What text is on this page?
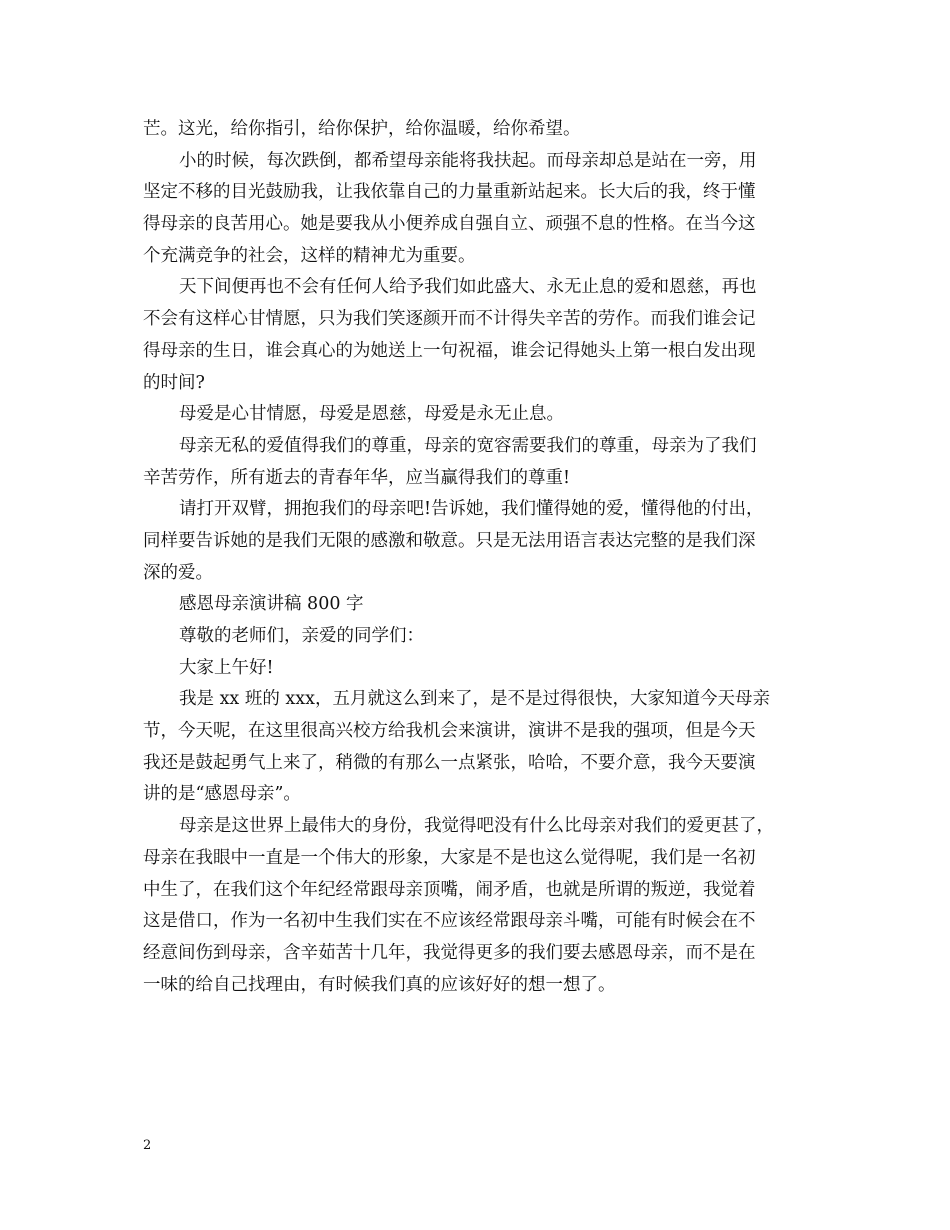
芒。这光，给你指引，给你保护，给你温暖，给你希望。
小的时候，每次跌倒，都希望母亲能将我扶起。而母亲却总是站在一旁，用
坚定不移的目光鼓励我，让我依靠自己的力量重新站起来。长大后的我，终于懂
得母亲的良苦用心。她是要我从小便养成自强自立、顽强不息的性格。在当今这
个充满竞争的社会，这样的精神尤为重要。
天下间便再也不会有任何人给予我们如此盛大、永无止息的爱和恩慈，再也
不会有这样心甘情愿，只为我们笑逐颜开而不计得失辛苦的劳作。而我们谁会记
得母亲的生日，谁会真心的为她送上一句祝福，谁会记得她头上第一根白发出现
的时间?
母爱是心甘情愿，母爱是恩慈，母爱是永无止息。
母亲无私的爱值得我们的尊重，母亲的宽容需要我们的尊重，母亲为了我们
辛苦劳作，所有逝去的青春年华，应当赢得我们的尊重!
请打开双臂，拥抱我们的母亲吧!告诉她，我们懂得她的爱，懂得他的付出，
同样要告诉她的是我们无限的感激和敬意。只是无法用语言表达完整的是我们深
深的爱。
感恩母亲演讲稿 800 字
尊敬的老师们，亲爱的同学们：
大家上午好!
我是 xx 班的 xxx，五月就这么到来了，是不是过得很快，大家知道今天母亲
节，今天呢，在这里很高兴校方给我机会来演讲，演讲不是我的强项，但是今天
我还是鼓起勇气上来了，稍微的有那么一点紧张，哈哈，不要介意，我今天要演
讲的是“感恩母亲”。
母亲是这世界上最伟大的身份，我觉得吧没有什么比母亲对我们的爱更甚了，
母亲在我眼中一直是一个伟大的形象，大家是不是也这么觉得呢，我们是一名初
中生了，在我们这个年纪经常跟母亲顶嘴，闹矛盾，也就是所谓的叛逆，我觉着
这是借口，作为一名初中生我们实在不应该经常跟母亲斗嘴，可能有时候会在不
经意间伤到母亲，含辛茹苦十几年，我觉得更多的我们要去感恩母亲，而不是在
一味的给自己找理由，有时候我们真的应该好好的想一想了。
2
